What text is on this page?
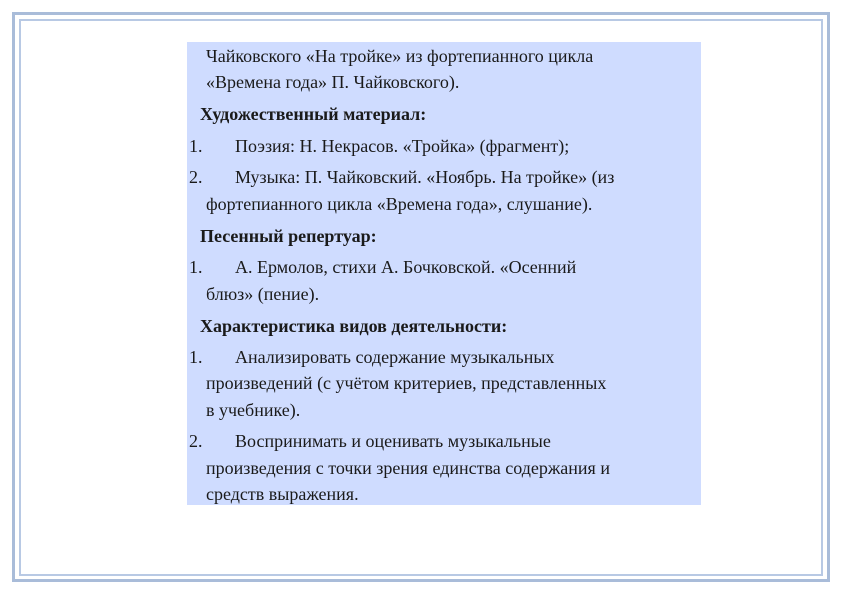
Чайковского «На тройке» из фортепианного цикла
«Времена года» П. Чайковского).
Художественный материал:
1. Поэзия: Н. Некрасов. «Тройка» (фрагмент);
2. Музыка: П. Чайковский. «Ноябрь. На тройке» (из
фортепианного цикла «Времена года», слушание).
Песенный репертуар:
1. А. Ермолов, стихи А. Бочковской. «Осенний
блюз» (пение).
Характеристика видов деятельности:
1. Анализировать содержание музыкальных
произведений (с учётом критериев, представленных
в учебнике).
2. Воспринимать и оценивать музыкальные
произведения с точки зрения единства содержания и
средств выражения.
